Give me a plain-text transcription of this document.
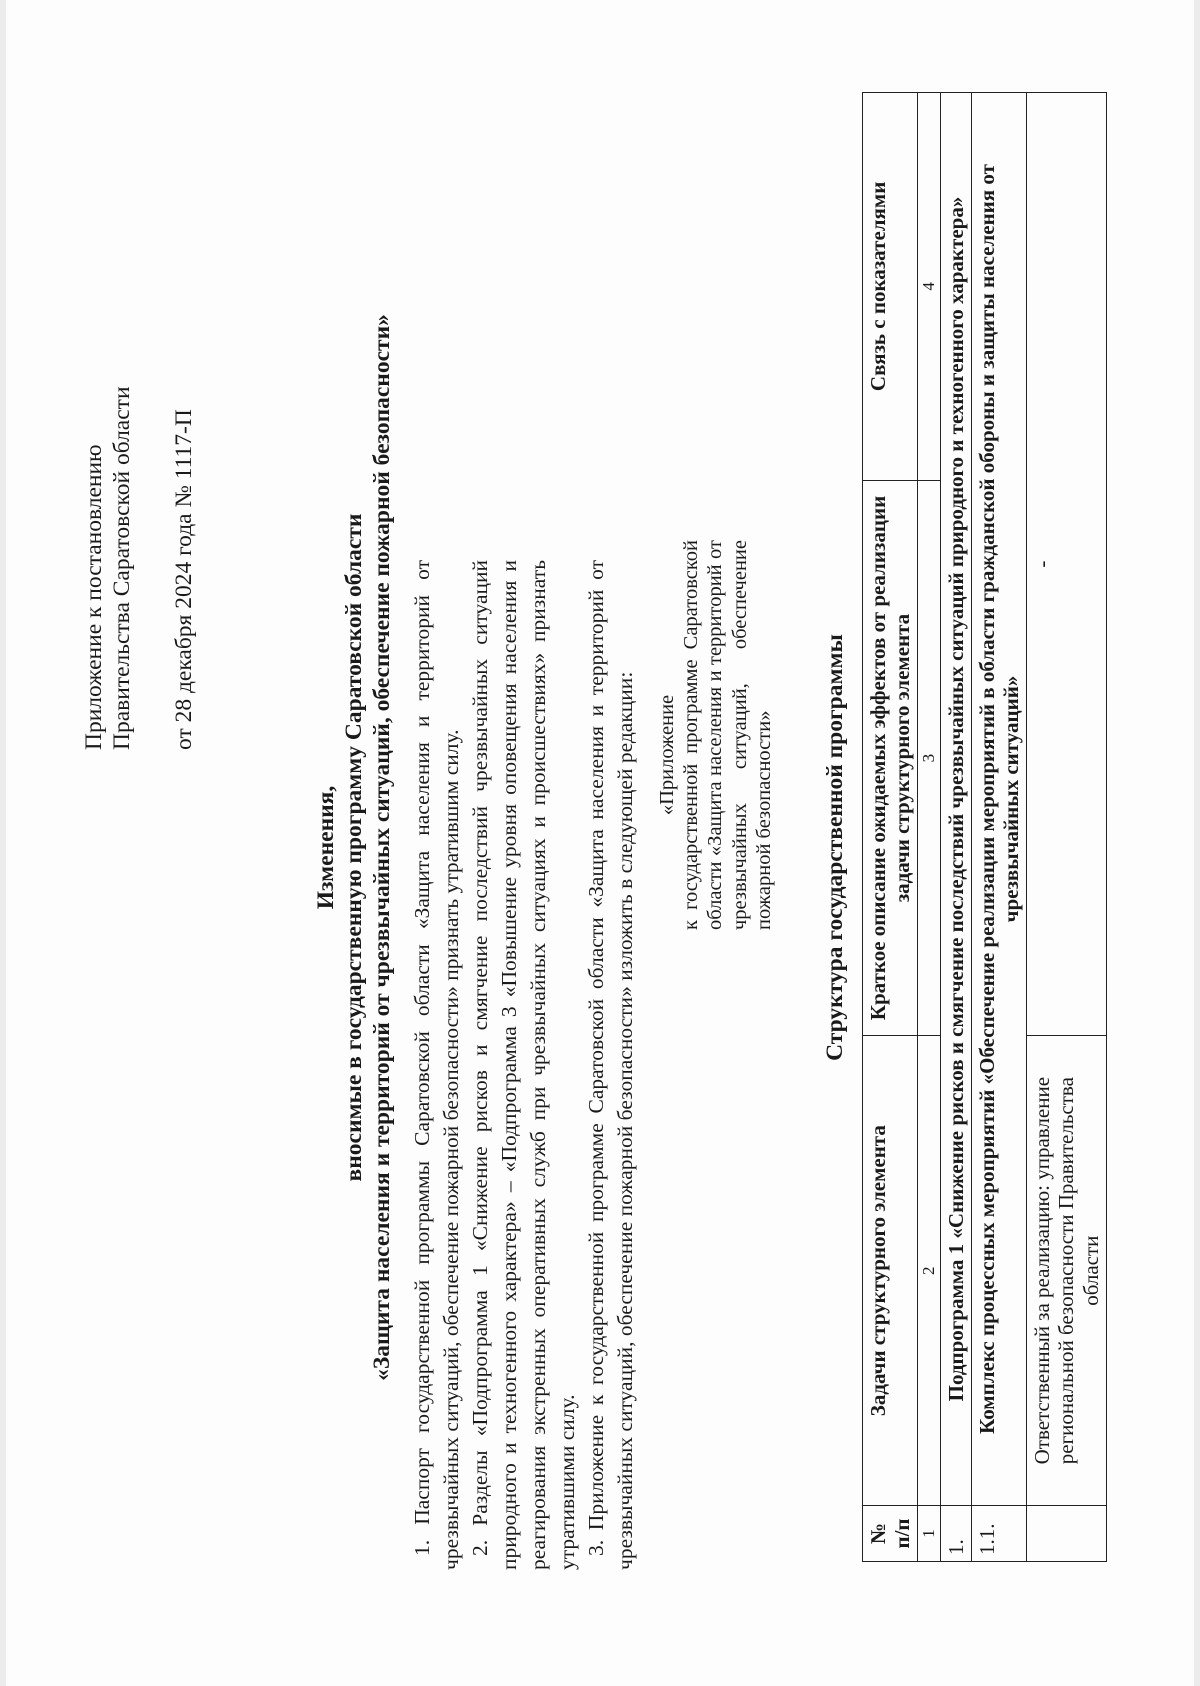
Приложение к постановлению Правительства Саратовской области от 28 декабря 2024 года № 1117-П
Изменения, вносимые в государственную программу Саратовской области «Защита населения и территорий от чрезвычайных ситуаций, обеспечение пожарной безопасности» 1. Паспорт государственной программы Саратовской области «Защита населения и территорий от чрезвычайных ситуаций, обеспечение пожарной безопасности» признать утратившим силу. 2. Разделы «Подпрограмма 1 «Снижение рисков и смягчение последствий чрезвычайных ситуаций природного и техногенного характера» – «Подпрограмма 3 «Повышение уровня оповещения населения и реагирования экстренных оперативных служб при чрезвычайных ситуациях и происшествиях» признать утратившими силу. 3. Приложение к государственной программе Саратовской области «Защита населения и территорий от чрезвычайных ситуаций, обеспечение пожарной безопасности» изложить в следующей редакции: «Приложение к государственной программе Саратовской области «Защита населения и территорий от чрезвычайных ситуаций, обеспечение пожарной безопасности» Структура государственной программы
№ п/п	Задачи структурного элемента	Краткое описание ожидаемых эффектов от реализации задачи структурного элемента	Связь с показателями
1	2	3	4
1.	Подпрограмма 1 «Снижение рисков и смягчение последствий чрезвычайных ситуаций природного и техногенного характера»		
1.1.	Комплекс процессных мероприятий «Обеспечение реализации мероприятий в области гражданской обороны и защиты населения от чрезвычайных ситуаций»		
	Ответственный за реализацию: управление региональной безопасности Правительства области	-	
